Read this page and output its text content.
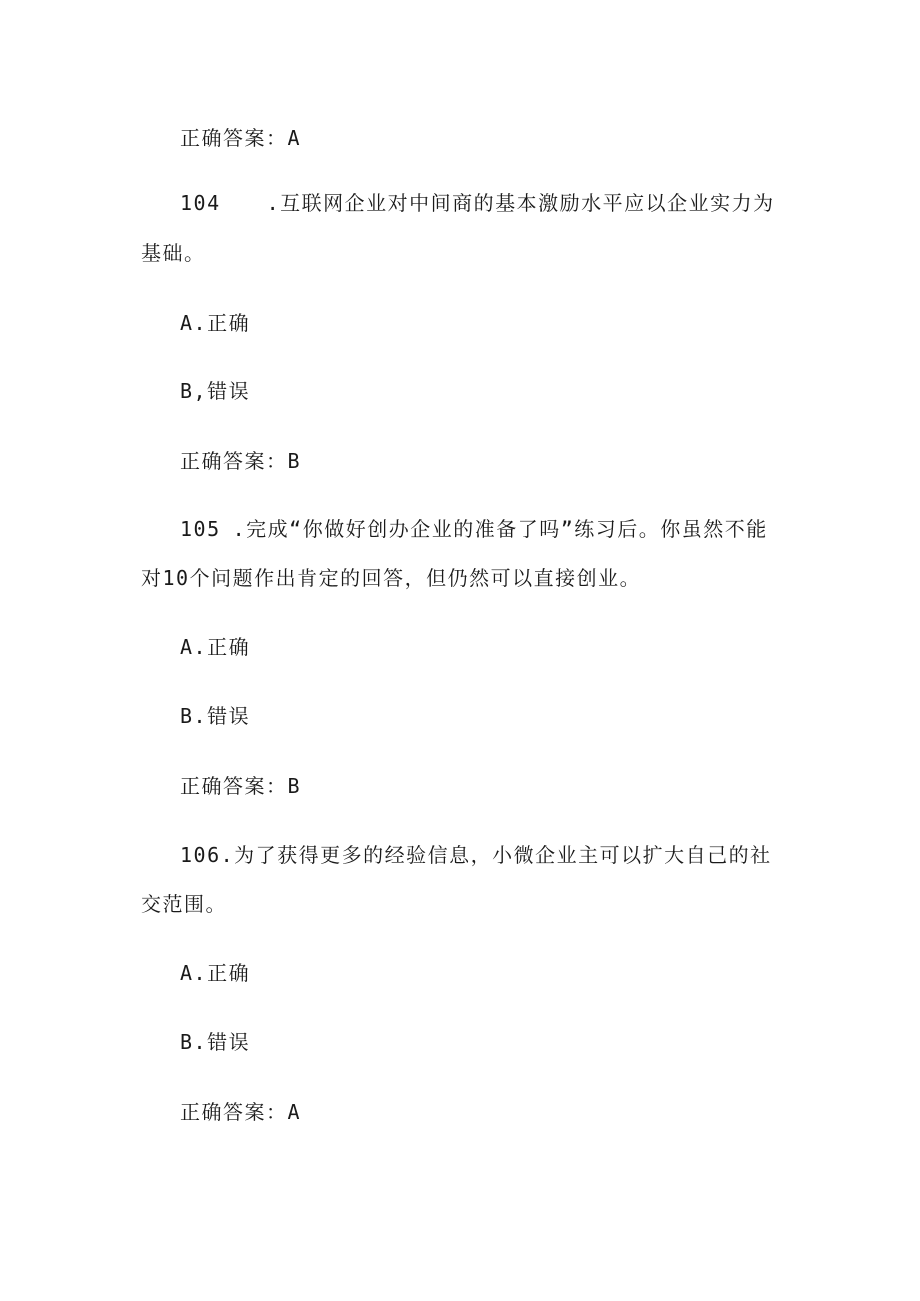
正确答案：A
104 .互联网企业对中间商的基本激励水平应以企业实力为
基础。
A.正确
B,错误
正确答案：B
105 .完成“你做好创办企业的准备了吗”练习后。你虽然不能
对10个问题作出肯定的回答，但仍然可以直接创业。
A.正确
B.错误
正确答案：B
106.为了获得更多的经验信息，小微企业主可以扩大自己的社
交范围。
A.正确
B.错误
正确答案：A
